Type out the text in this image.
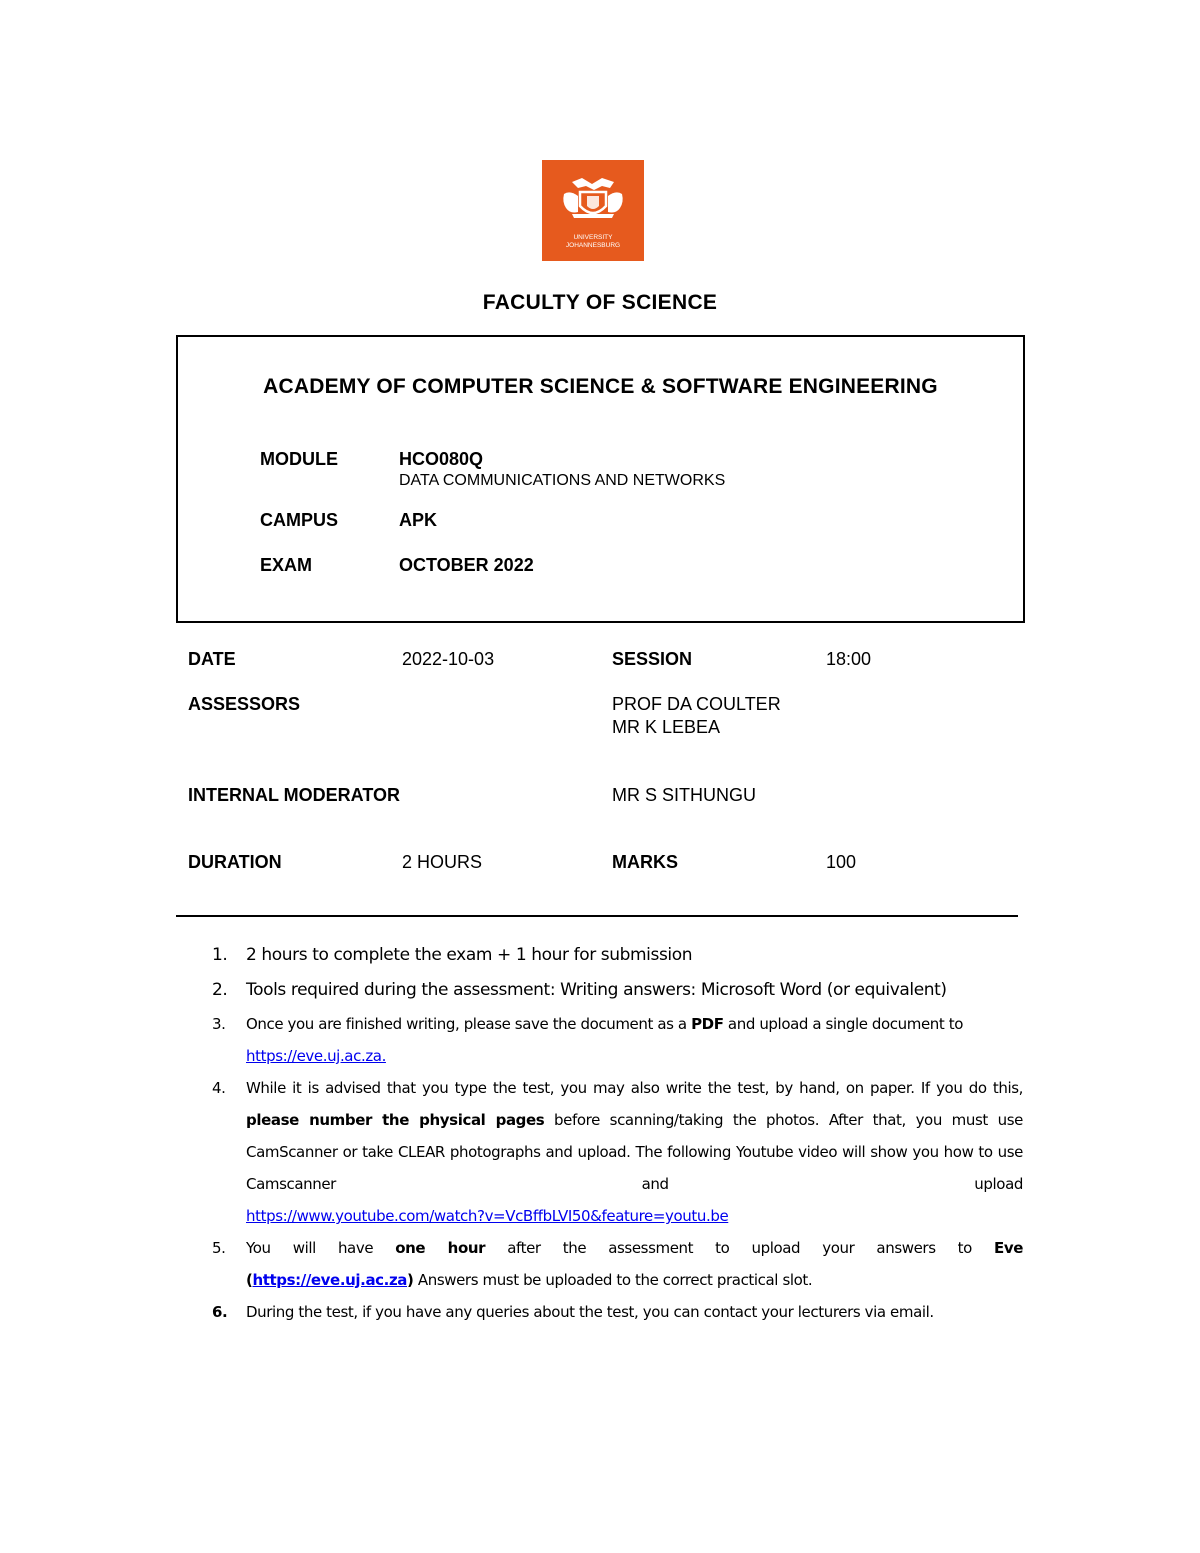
UNIVERSITY
JOHANNESBURG
FACULTY OF SCIENCE
ACADEMY OF COMPUTER SCIENCE & SOFTWARE ENGINEERING
MODULE	HCO080Q
DATA COMMUNICATIONS AND NETWORKS
CAMPUS	APK
EXAM	OCTOBER 2022
DATE	2022-10-03	SESSION	18:00
ASSESSORS	PROF DA COULTER
MR K LEBEA
INTERNAL MODERATOR	MR S SITHUNGU
DURATION	2 HOURS	MARKS	100
1. 2 hours to complete the exam + 1 hour for submission
2. Tools required during the assessment: Writing answers: Microsoft Word (or equivalent)
3. Once you are finished writing, please save the document as a PDF and upload a single document to
https://eve.uj.ac.za.
4. While it is advised that you type the test, you may also write the test, by hand, on paper. If you do this, please number the physical pages before scanning/taking the photos. After that, you must use CamScanner or take CLEAR photographs and upload. The following Youtube video will show you how to use Camscanner and upload
https://www.youtube.com/watch?v=VcBffbLVI50&feature=youtu.be
5. You will have one hour after the assessment to upload your answers to Eve
(https://eve.uj.ac.za) Answers must be uploaded to the correct practical slot.
6. During the test, if you have any queries about the test, you can contact your lecturers via email.
